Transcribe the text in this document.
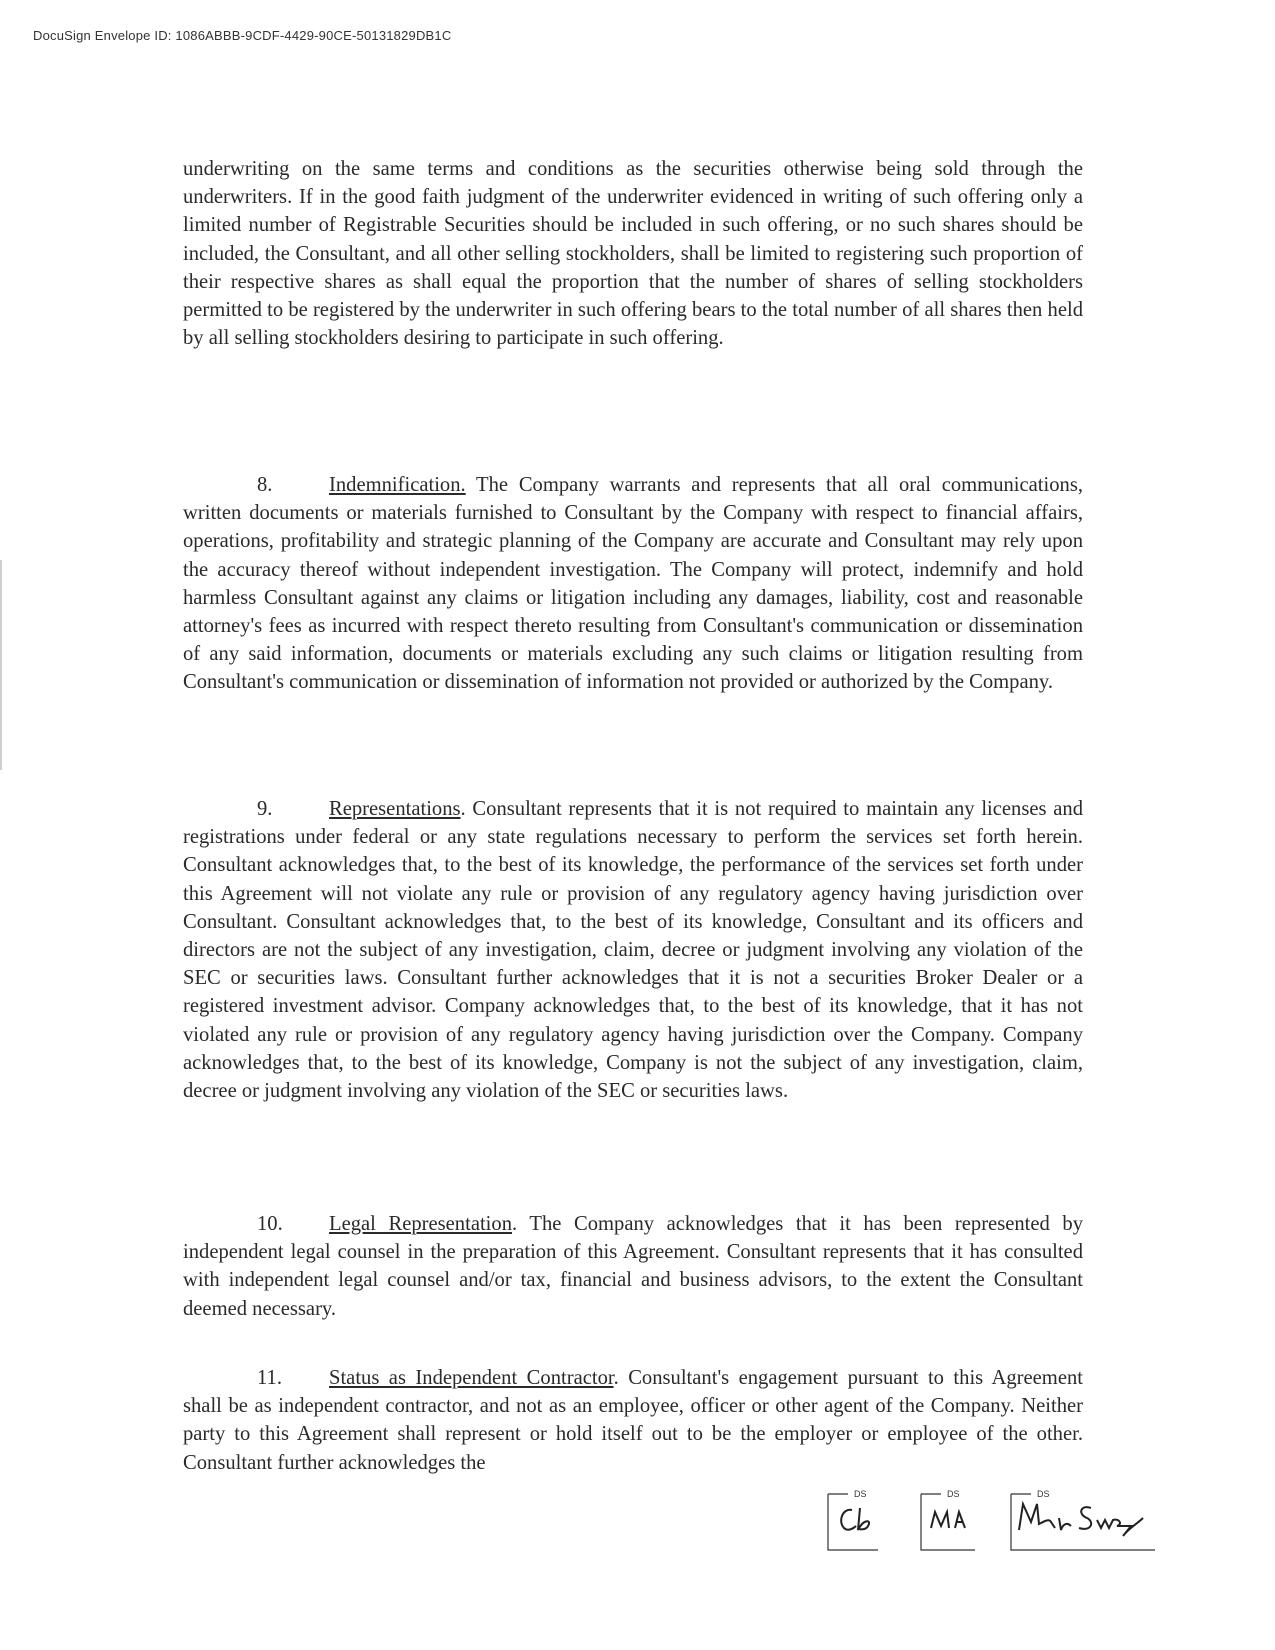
DocuSign Envelope ID: 1086ABBB-9CDF-4429-90CE-50131829DB1C
underwriting on the same terms and conditions as the securities otherwise being sold through the underwriters. If in the good faith judgment of the underwriter evidenced in writing of such offering only a limited number of Registrable Securities should be included in such offering, or no such shares should be included, the Consultant, and all other selling stockholders, shall be limited to registering such proportion of their respective shares as shall equal the proportion that the number of shares of selling stockholders permitted to be registered by the underwriter in such offering bears to the total number of all shares then held by all selling stockholders desiring to participate in such offering.
8.	Indemnification. The Company warrants and represents that all oral communications, written documents or materials furnished to Consultant by the Company with respect to financial affairs, operations, profitability and strategic planning of the Company are accurate and Consultant may rely upon the accuracy thereof without independent investigation. The Company will protect, indemnify and hold harmless Consultant against any claims or litigation including any damages, liability, cost and reasonable attorney's fees as incurred with respect thereto resulting from Consultant's communication or dissemination of any said information, documents or materials excluding any such claims or litigation resulting from Consultant's communication or dissemination of information not provided or authorized by the Company.
9.	Representations. Consultant represents that it is not required to maintain any licenses and registrations under federal or any state regulations necessary to perform the services set forth herein. Consultant acknowledges that, to the best of its knowledge, the performance of the services set forth under this Agreement will not violate any rule or provision of any regulatory agency having jurisdiction over Consultant. Consultant acknowledges that, to the best of its knowledge, Consultant and its officers and directors are not the subject of any investigation, claim, decree or judgment involving any violation of the SEC or securities laws. Consultant further acknowledges that it is not a securities Broker Dealer or a registered investment advisor. Company acknowledges that, to the best of its knowledge, that it has not violated any rule or provision of any regulatory agency having jurisdiction over the Company. Company acknowledges that, to the best of its knowledge, Company is not the subject of any investigation, claim, decree or judgment involving any violation of the SEC or securities laws.
10. Legal Representation. The Company acknowledges that it has been represented by independent legal counsel in the preparation of this Agreement. Consultant represents that it has consulted with independent legal counsel and/or tax, financial and business advisors, to the extent the Consultant deemed necessary.
11. Status as Independent Contractor. Consultant's engagement pursuant to this Agreement shall be as independent contractor, and not as an employee, officer or other agent of the Company. Neither party to this Agreement shall represent or hold itself out to be the employer or employee of the other. Consultant further acknowledges the
DS	DS	DS
